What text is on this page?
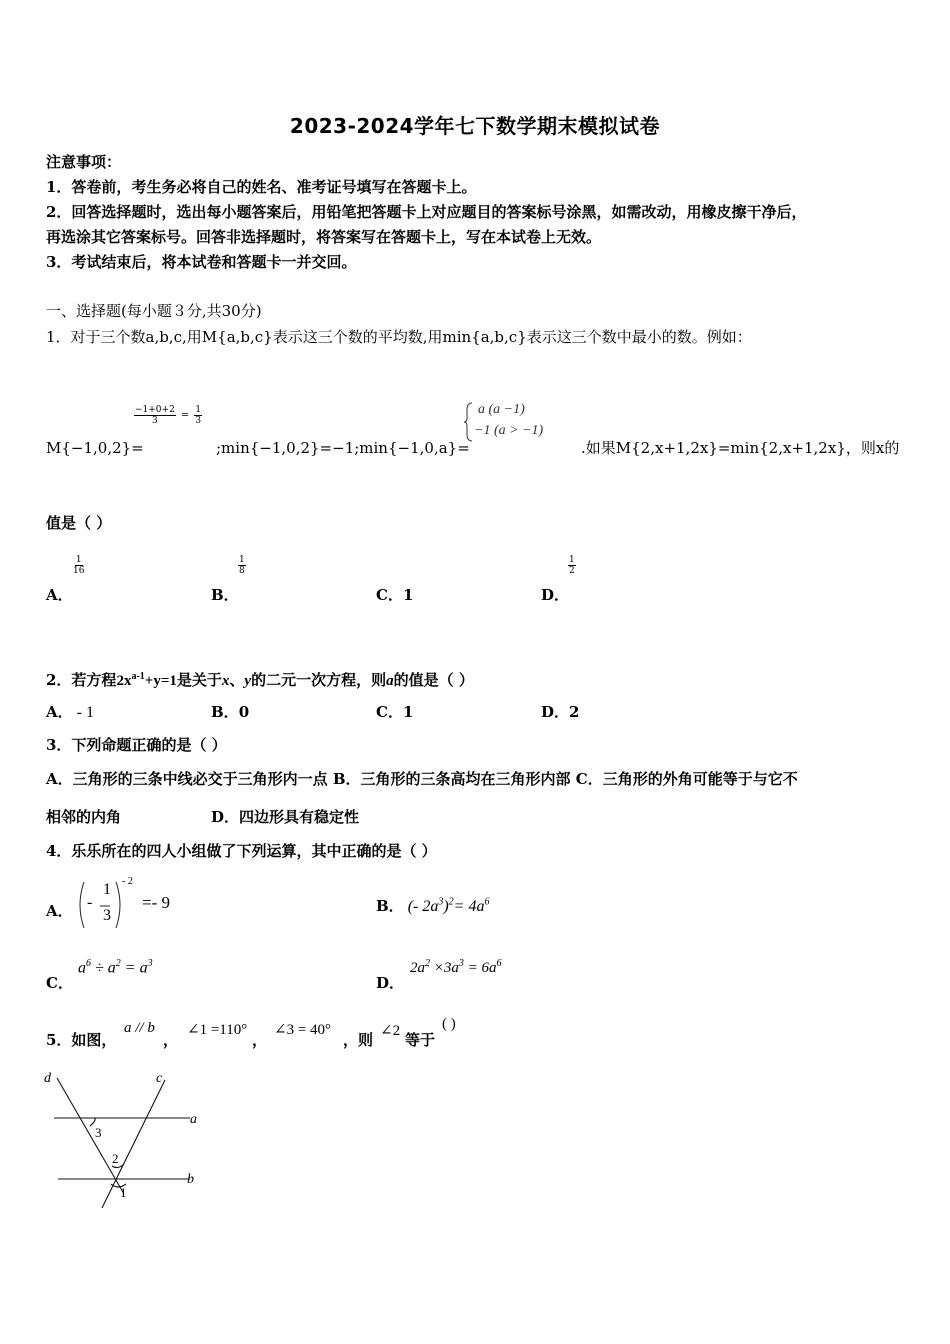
2023-2024学年七下数学期末模拟试卷
注意事项：
1．答卷前，考生务必将自己的姓名、准考证号填写在答题卡上。
2．回答选择题时，选出每小题答案后，用铅笔把答题卡上对应题目的答案标号涂黑，如需改动，用橡皮擦干净后，
再选涂其它答案标号。回答非选择题时，将答案写在答题卡上，写在本试卷上无效。
3．考试结束后，将本试卷和答题卡一并交回。
一、选择题(每小题３分,共30分)
1．对于三个数a,b,c,用M{a,b,c}表示这三个数的平均数,用min{a,b,c}表示这三个数中最小的数。例如：
M{−1,0,2}=
$\frac{-1+0+2}{3} = \frac{1}{3}$
;min{−1,0,2}=−1;min{−1,0,a}=
a (a −1)
−1 (a > −1)
.如果M{2,x+1,2x}=min{2,x+1,2x}，则x的
值是（ ）
$\frac{1}{16}$
A．
$\frac{1}{8}$
B．	C．1
$\frac{1}{2}$
D．
2．若方程$2x^{a-1}+y=1$是关于x、y的二元一次方程，则a的值是（ ）
A． - 1	B．0	C．1	D．2
3．下列命题正确的是（ ）
A．三角形的三条中线必交于三角形内一点 B．三角形的三条高均在三角形内部 C．三角形的外角可能等于与它不
相邻的内角	D．四边形具有稳定性
4．乐乐所在的四人小组做了下列运算，其中正确的是（ ）
A． -
1
3
- 2
=- 9	B． (- $2a^3)^2= 4a^6$
C．
$a^6 \div a^2 = a^3$
D．
$2a^2 \times 3a^3 = 6a^6$
5．如图，
a // b
，
∠1 =110°
，
∠3 = 40°
，则 ∠2 等于
( )
d	c
a
b
1
2
3
